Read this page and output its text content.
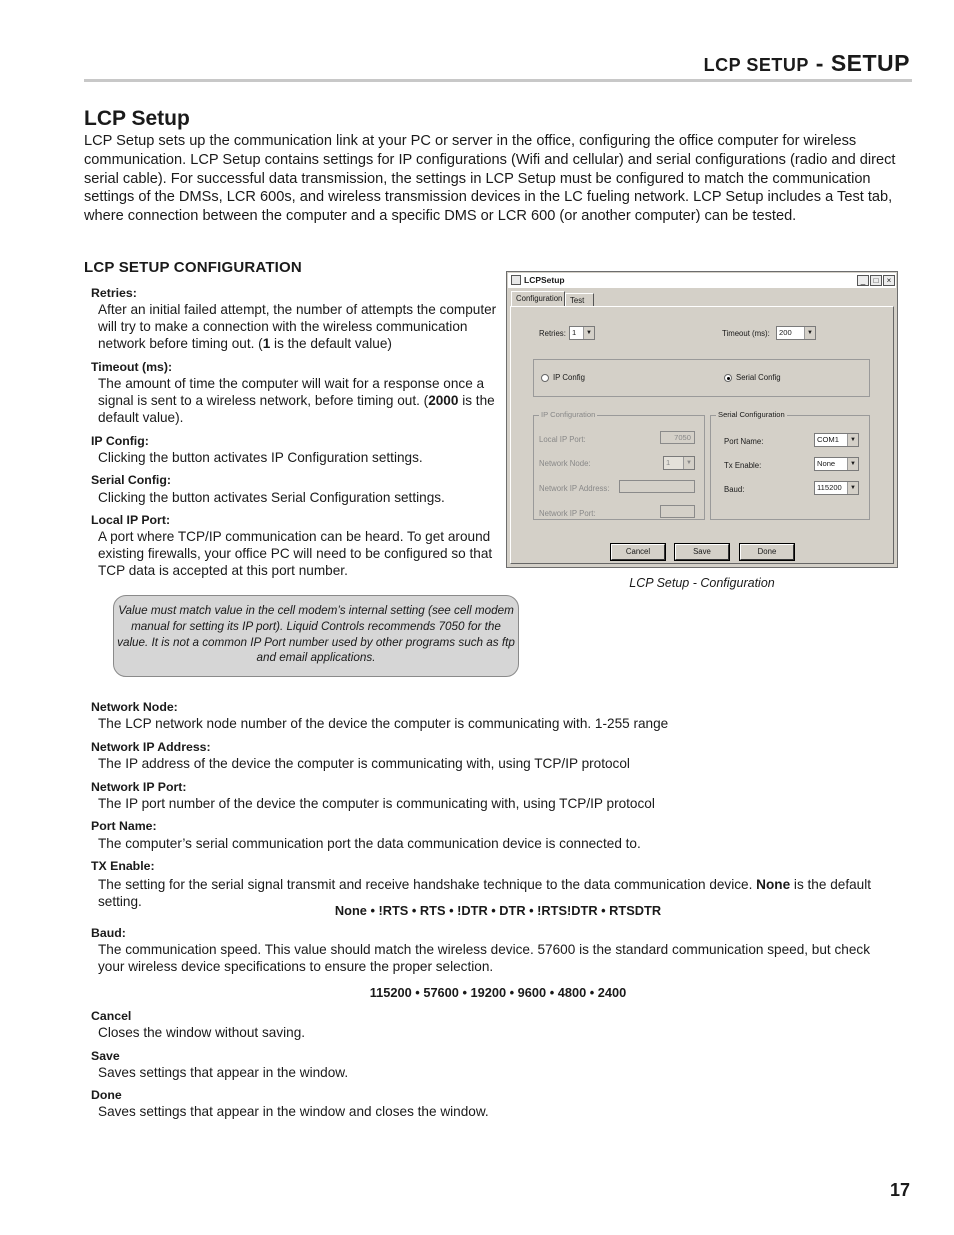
LCP SETUP - SETUP
LCP Setup
LCP Setup sets up the communication link at your PC or server in the office, configuring the office computer for wireless communication. LCP Setup contains settings for IP configurations (Wifi and cellular) and serial configurations (radio and direct serial cable). For successful data transmission, the settings in LCP Setup must be configured to match the communication settings of the DMSs, LCR 600s, and wireless transmission devices in the LC fueling network. LCP Setup includes a Test tab, where connection between the computer and a specific DMS or LCR 600 (or another computer) can be tested.
LCP SETUP CONFIGURATION
Retries:
After an initial failed attempt, the number of attempts the computer will try to make a connection with the wireless communication network before timing out. (1 is the default value)
Timeout (ms):
The amount of time the computer will wait for a response once a signal is sent to a wireless network, before timing out. (2000 is the default value).
IP Config:
Clicking the button activates IP Configuration settings.
Serial Config:
Clicking the button activates Serial Configuration settings.
Local IP Port:
A port where TCP/IP communication can be heard. To get around existing firewalls, your office PC will need to be configured so that TCP data is accepted at this port number.
Value must match value in the cell modem’s internal setting (see cell modem manual for setting its IP port). Liquid Controls recommends 7050 for the value. It is not a common IP Port number used by other programs such as ftp and email applications.
LCPSetup	_	□	×
Configuration Test
Retries: 1	▼	Timeout (ms):	200	▼
IP Config	Serial Config
IP Configuration
Local IP Port:	7050
Network Node:	1	▼
Network IP Address:
Network IP Port:
Serial Configuration
Port Name:	COM1	▼
Tx Enable:	None	▼
Baud:	115200	▼
Cancel	Save	Done
LCP Setup - Configuration
Network Node:
The LCP network node number of the device the computer is communicating with. 1-255 range
Network IP Address:
The IP address of the device the computer is communicating with, using TCP/IP protocol
Network IP Port:
The IP port number of the device the computer is communicating with, using TCP/IP protocol
Port Name:
The computer’s serial communication port the data communication device is connected to.
TX Enable:
The setting for the serial signal transmit and receive handshake technique to the data communication device. None is the default setting.
None • !RTS • RTS • !DTR • DTR • !RTS!DTR • RTSDTR
Baud:
The communication speed. This value should match the wireless device. 57600 is the standard communication speed, but check your wireless device specifications to ensure the proper selection.
115200 • 57600 • 19200 • 9600 • 4800 • 2400
Cancel
Closes the window without saving.
Save
Saves settings that appear in the window.
Done
Saves settings that appear in the window and closes the window.
17
